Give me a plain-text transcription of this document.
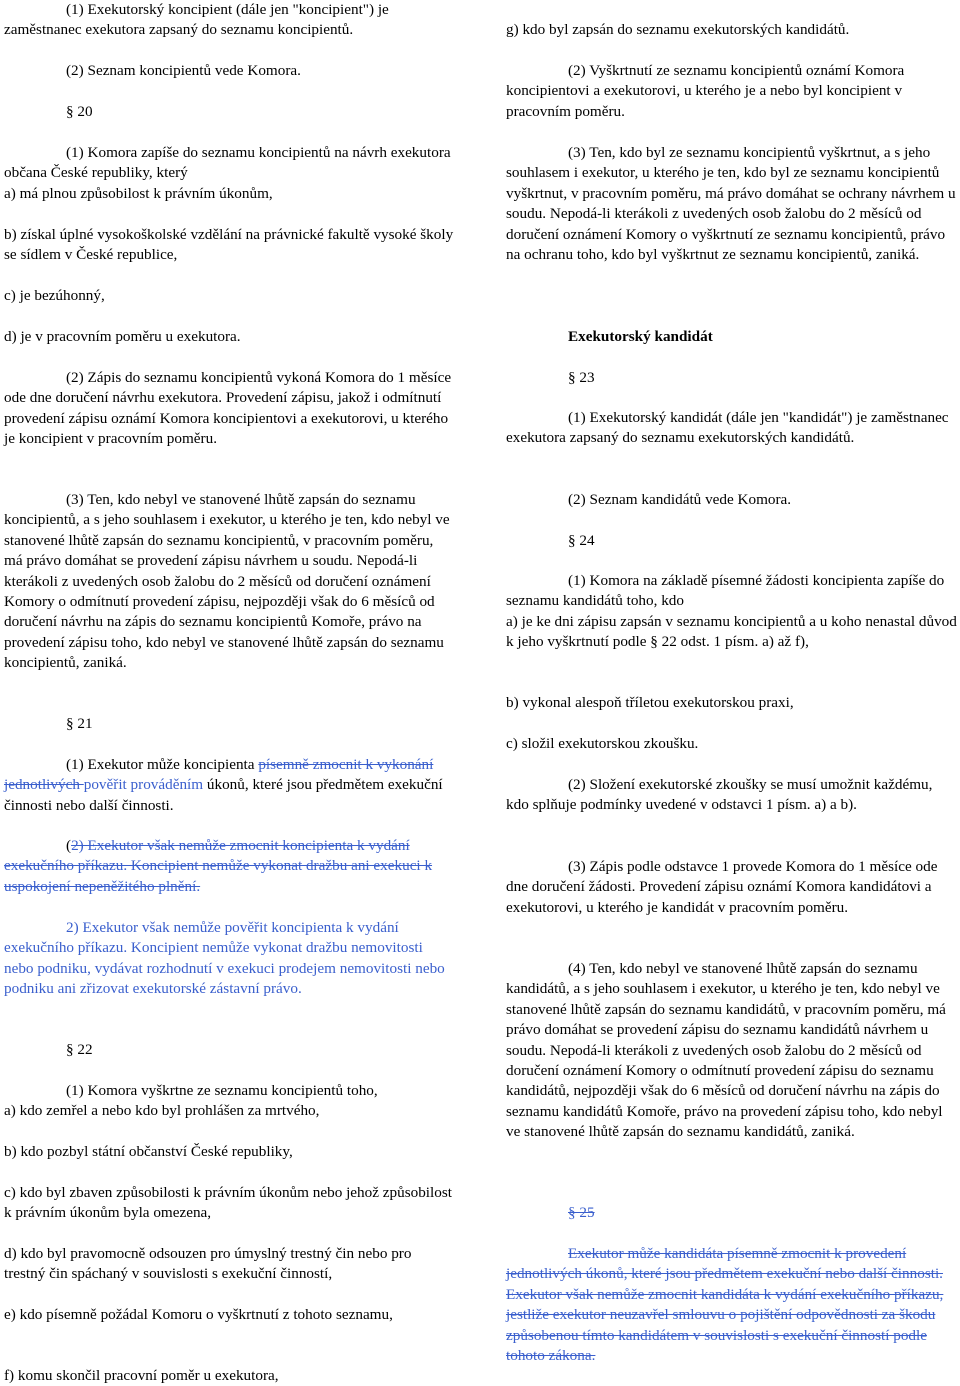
(1) Exekutorský koncipient (dále jen "koncipient") je zaměstnanec exekutora zapsaný do seznamu koncipientů.

(2) Seznam koncipientů vede Komora.

§ 20

(1) Komora zapíše do seznamu koncipientů na návrh exekutora občana České republiky, který

a) má plnou způsobilost k právním úkonům,

b) získal úplné vysokoškolské vzdělání na právnické fakultě vysoké školy se sídlem v České republice,

c) je bezúhonný,

d) je v pracovním poměru u exekutora.

(2) Zápis do seznamu koncipientů vykoná Komora do 1 měsíce ode dne doručení návrhu exekutora. Provedení zápisu, jakož i odmítnutí provedení zápisu oznámí Komora koncipientovi a exekutorovi, u kterého je koncipient v pracovním poměru.

(3) Ten, kdo nebyl ve stanovené lhůtě zapsán do seznamu koncipientů, a s jeho souhlasem i exekutor, u kterého je ten, kdo nebyl ve stanovené lhůtě zapsán do seznamu koncipientů, v pracovním poměru, má právo domáhat se provedení zápisu návrhem u soudu. Nepodá-li kterákoli z uvedených osob žalobu do 2 měsíců od doručení oznámení Komory o odmítnutí provedení zápisu, nejpozději však do 6 měsíců od doručení návrhu na zápis do seznamu koncipientů Komoře, právo na provedení zápisu toho, kdo nebyl ve stanovené lhůtě zapsán do seznamu koncipientů, zaniká.

§ 21

(1) Exekutor může koncipienta písemně zmocnit k vykonání jednotlivých pověřit prováděním úkonů, které jsou předmětem exekuční činnosti nebo další činnosti.

(2) Exekutor však nemůže zmocnit koncipienta k vydání exekučního příkazu. Koncipient nemůže vykonat dražbu ani exekuci k uspokojení nepeněžitého plnění.

2) Exekutor však nemůže pověřit koncipienta k vydání exekučního příkazu. Koncipient nemůže vykonat dražbu nemovitosti nebo podniku, vydávat rozhodnutí v exekuci prodejem nemovitosti nebo podniku ani zřizovat exekutorské zástavní právo.

§ 22

(1) Komora vyškrtne ze seznamu koncipientů toho,

a) kdo zemřel a nebo kdo byl prohlášen za mrtvého,

b) kdo pozbyl státní občanství České republiky,

c) kdo byl zbaven způsobilosti k právním úkonům nebo jehož způsobilost k právním úkonům byla omezena,

d) kdo byl pravomocně odsouzen pro úmyslný trestný čin nebo pro trestný čin spáchaný v souvislosti s exekuční činností,

e) kdo písemně požádal Komoru o vyškrtnutí z tohoto seznamu,

f) komu skončil pracovní poměr u exekutora,

g) kdo byl zapsán do seznamu exekutorských kandidátů.

(2) Vyškrtnutí ze seznamu koncipientů oznámí Komora koncipientovi a exekutorovi, u kterého je a nebo byl koncipient v pracovním poměru.

(3) Ten, kdo byl ze seznamu koncipientů vyškrtnut, a s jeho souhlasem i exekutor, u kterého je ten, kdo byl ze seznamu koncipientů vyškrtnut, v pracovním poměru, má právo domáhat se ochrany návrhem u soudu. Nepodá-li kterákoli z uvedených osob žalobu do 2 měsíců od doručení oznámení Komory o vyškrtnutí ze seznamu koncipientů, právo na ochranu toho, kdo byl vyškrtnut ze seznamu koncipientů, zaniká.

Exekutorský kandidát

§ 23

(1) Exekutorský kandidát (dále jen "kandidát") je zaměstnanec exekutora zapsaný do seznamu exekutorských kandidátů.

(2) Seznam kandidátů vede Komora.

§ 24

(1) Komora na základě písemné žádosti koncipienta zapíše do seznamu kandidátů toho, kdo

a) je ke dni zápisu zapsán v seznamu koncipientů a u koho nenastal důvod k jeho vyškrtnutí podle § 22 odst. 1 písm. a) až f),

b) vykonal alespoň tříletou exekutorskou praxi,

c) složil exekutorskou zkoušku.

(2) Složení exekutorské zkoušky se musí umožnit každému, kdo splňuje podmínky uvedené v odstavci 1 písm. a) a b).

(3) Zápis podle odstavce 1 provede Komora do 1 měsíce ode dne doručení žádosti. Provedení zápisu oznámí Komora kandidátovi a exekutorovi, u kterého je kandidát v pracovním poměru.

(4) Ten, kdo nebyl ve stanovené lhůtě zapsán do seznamu kandidátů, a s jeho souhlasem i exekutor, u kterého je ten, kdo nebyl ve stanovené lhůtě zapsán do seznamu kandidátů, v pracovním poměru, má právo domáhat se provedení zápisu do seznamu kandidátů návrhem u soudu. Nepodá-li kterákoli z uvedených osob žalobu do 2 měsíců od doručení oznámení Komory o odmítnutí provedení zápisu do seznamu kandidátů, nejpozději však do 6 měsíců od doručení návrhu na zápis do seznamu kandidátů Komoře, právo na provedení zápisu toho, kdo nebyl ve stanovené lhůtě zapsán do seznamu kandidátů, zaniká.

§ 25

Exekutor může kandidáta písemně zmocnit k provedení jednotlivých úkonů, které jsou předmětem exekuční nebo další činnosti. Exekutor však nemůže zmocnit kandidáta k vydání exekučního příkazu, jestliže exekutor neuzavřel smlouvu o pojištění odpovědnosti za škodu způsobenou tímto kandidátem v souvislosti s exekuční činností podle tohoto zákona.
